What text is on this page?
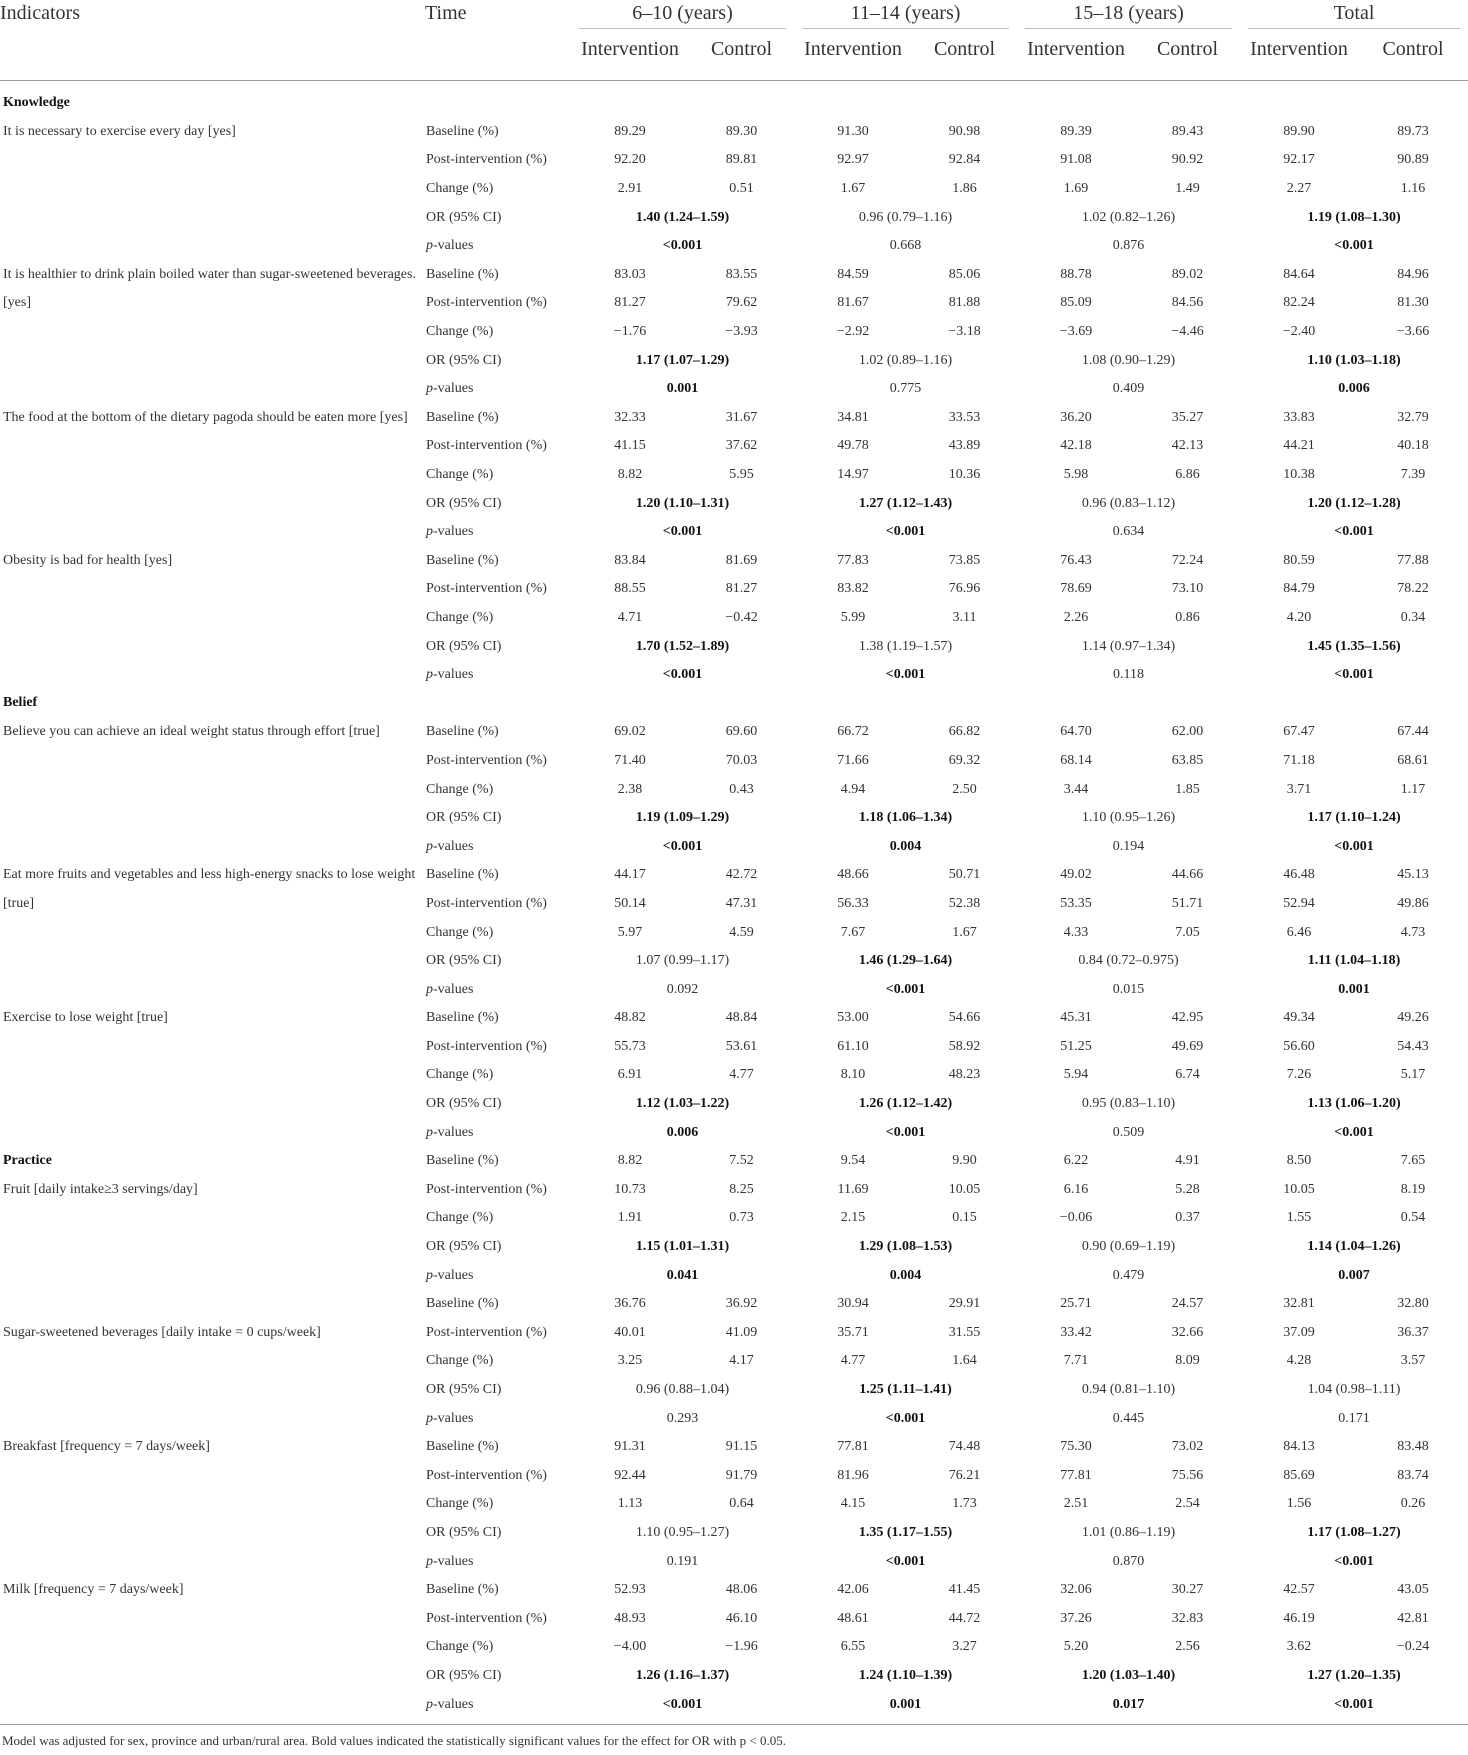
Indicators	Time	6–10 (years)		11–14 (years)		15–18 (years)		Total	

		Intervention	Control	Intervention	Control	Intervention	Control	Intervention	Control
Knowledge									
It is necessary to exercise every day [yes]	Baseline (%)	89.29	89.30	91.30	90.98	89.39	89.43	89.90	89.73
	Post-intervention (%)	92.20	89.81	92.97	92.84	91.08	90.92	92.17	90.89
	Change (%)	2.91	0.51	1.67	1.86	1.69	1.49	2.27	1.16
	OR (95% CI)	1.40 (1.24–1.59)		0.96 (0.79–1.16)		1.02 (0.82–1.26)		1.19 (1.08–1.30)	
	p-values	<0.001		0.668		0.876		<0.001	
It is healthier to drink plain boiled water than sugar-sweetened beverages. [yes]	Baseline (%)	83.03	83.55	84.59	85.06	88.78	89.02	84.64	84.96
	Post-intervention (%)	81.27	79.62	81.67	81.88	85.09	84.56	82.24	81.30
	Change (%)	−1.76	−3.93	−2.92	−3.18	−3.69	−4.46	−2.40	−3.66
	OR (95% CI)	1.17 (1.07–1.29)		1.02 (0.89–1.16)		1.08 (0.90–1.29)		1.10 (1.03–1.18)	
	p-values	0.001		0.775		0.409		0.006	
The food at the bottom of the dietary pagoda should be eaten more [yes]	Baseline (%)	32.33	31.67	34.81	33.53	36.20	35.27	33.83	32.79
	Post-intervention (%)	41.15	37.62	49.78	43.89	42.18	42.13	44.21	40.18
	Change (%)	8.82	5.95	14.97	10.36	5.98	6.86	10.38	7.39
	OR (95% CI)	1.20 (1.10–1.31)		1.27 (1.12–1.43)		0.96 (0.83–1.12)		1.20 (1.12–1.28)	
	p-values	<0.001		<0.001		0.634		<0.001	
Obesity is bad for health [yes]	Baseline (%)	83.84	81.69	77.83	73.85	76.43	72.24	80.59	77.88
	Post-intervention (%)	88.55	81.27	83.82	76.96	78.69	73.10	84.79	78.22
	Change (%)	4.71	−0.42	5.99	3.11	2.26	0.86	4.20	0.34
	OR (95% CI)	1.70 (1.52–1.89)		1.38 (1.19–1.57)		1.14 (0.97–1.34)		1.45 (1.35–1.56)	
	p-values	<0.001		<0.001		0.118		<0.001	
Belief									
Believe you can achieve an ideal weight status through effort [true]	Baseline (%)	69.02	69.60	66.72	66.82	64.70	62.00	67.47	67.44
	Post-intervention (%)	71.40	70.03	71.66	69.32	68.14	63.85	71.18	68.61
	Change (%)	2.38	0.43	4.94	2.50	3.44	1.85	3.71	1.17
	OR (95% CI)	1.19 (1.09–1.29)		1.18 (1.06–1.34)		1.10 (0.95–1.26)		1.17 (1.10–1.24)	
	p-values	<0.001		0.004		0.194		<0.001	
Eat more fruits and vegetables and less high-energy snacks to lose weight [true]	Baseline (%)	44.17	42.72	48.66	50.71	49.02	44.66	46.48	45.13
	Post-intervention (%)	50.14	47.31	56.33	52.38	53.35	51.71	52.94	49.86
	Change (%)	5.97	4.59	7.67	1.67	4.33	7.05	6.46	4.73
	OR (95% CI)	1.07 (0.99–1.17)		1.46 (1.29–1.64)		0.84 (0.72–0.975)		1.11 (1.04–1.18)	
	p-values	0.092		<0.001		0.015		0.001	
Exercise to lose weight [true]	Baseline (%)	48.82	48.84	53.00	54.66	45.31	42.95	49.34	49.26
	Post-intervention (%)	55.73	53.61	61.10	58.92	51.25	49.69	56.60	54.43
	Change (%)	6.91	4.77	8.10	48.23	5.94	6.74	7.26	5.17
	OR (95% CI)	1.12 (1.03–1.22)		1.26 (1.12–1.42)		0.95 (0.83–1.10)		1.13 (1.06–1.20)	
	p-values	0.006		<0.001		0.509		<0.001	
Practice	Baseline (%)	8.82	7.52	9.54	9.90	6.22	4.91	8.50	7.65
Fruit [daily intake≥3 servings/day]	Post-intervention (%)	10.73	8.25	11.69	10.05	6.16	5.28	10.05	8.19
	Change (%)	1.91	0.73	2.15	0.15	−0.06	0.37	1.55	0.54
	OR (95% CI)	1.15 (1.01–1.31)		1.29 (1.08–1.53)		0.90 (0.69–1.19)		1.14 (1.04–1.26)	
	p-values	0.041		0.004		0.479		0.007	
	Baseline (%)	36.76	36.92	30.94	29.91	25.71	24.57	32.81	32.80
Sugar-sweetened beverages [daily intake = 0 cups/week]	Post-intervention (%)	40.01	41.09	35.71	31.55	33.42	32.66	37.09	36.37
	Change (%)	3.25	4.17	4.77	1.64	7.71	8.09	4.28	3.57
	OR (95% CI)	0.96 (0.88–1.04)		1.25 (1.11–1.41)		0.94 (0.81–1.10)		1.04 (0.98–1.11)	
	p-values	0.293		<0.001		0.445		0.171	
Breakfast [frequency = 7 days/week]	Baseline (%)	91.31	91.15	77.81	74.48	75.30	73.02	84.13	83.48
	Post-intervention (%)	92.44	91.79	81.96	76.21	77.81	75.56	85.69	83.74
	Change (%)	1.13	0.64	4.15	1.73	2.51	2.54	1.56	0.26
	OR (95% CI)	1.10 (0.95–1.27)		1.35 (1.17–1.55)		1.01 (0.86–1.19)		1.17 (1.08–1.27)	
	p-values	0.191		<0.001		0.870		<0.001	
Milk [frequency = 7 days/week]	Baseline (%)	52.93	48.06	42.06	41.45	32.06	30.27	42.57	43.05
	Post-intervention (%)	48.93	46.10	48.61	44.72	37.26	32.83	46.19	42.81
	Change (%)	−4.00	−1.96	6.55	3.27	5.20	2.56	3.62	−0.24
	OR (95% CI)	1.26 (1.16–1.37)		1.24 (1.10–1.39)		1.20 (1.03–1.40)		1.27 (1.20–1.35)	
	p-values	<0.001		0.001		0.017		<0.001	
Model was adjusted for sex, province and urban/rural area. Bold values indicated the statistically significant values for the effect for OR with p < 0.05.
